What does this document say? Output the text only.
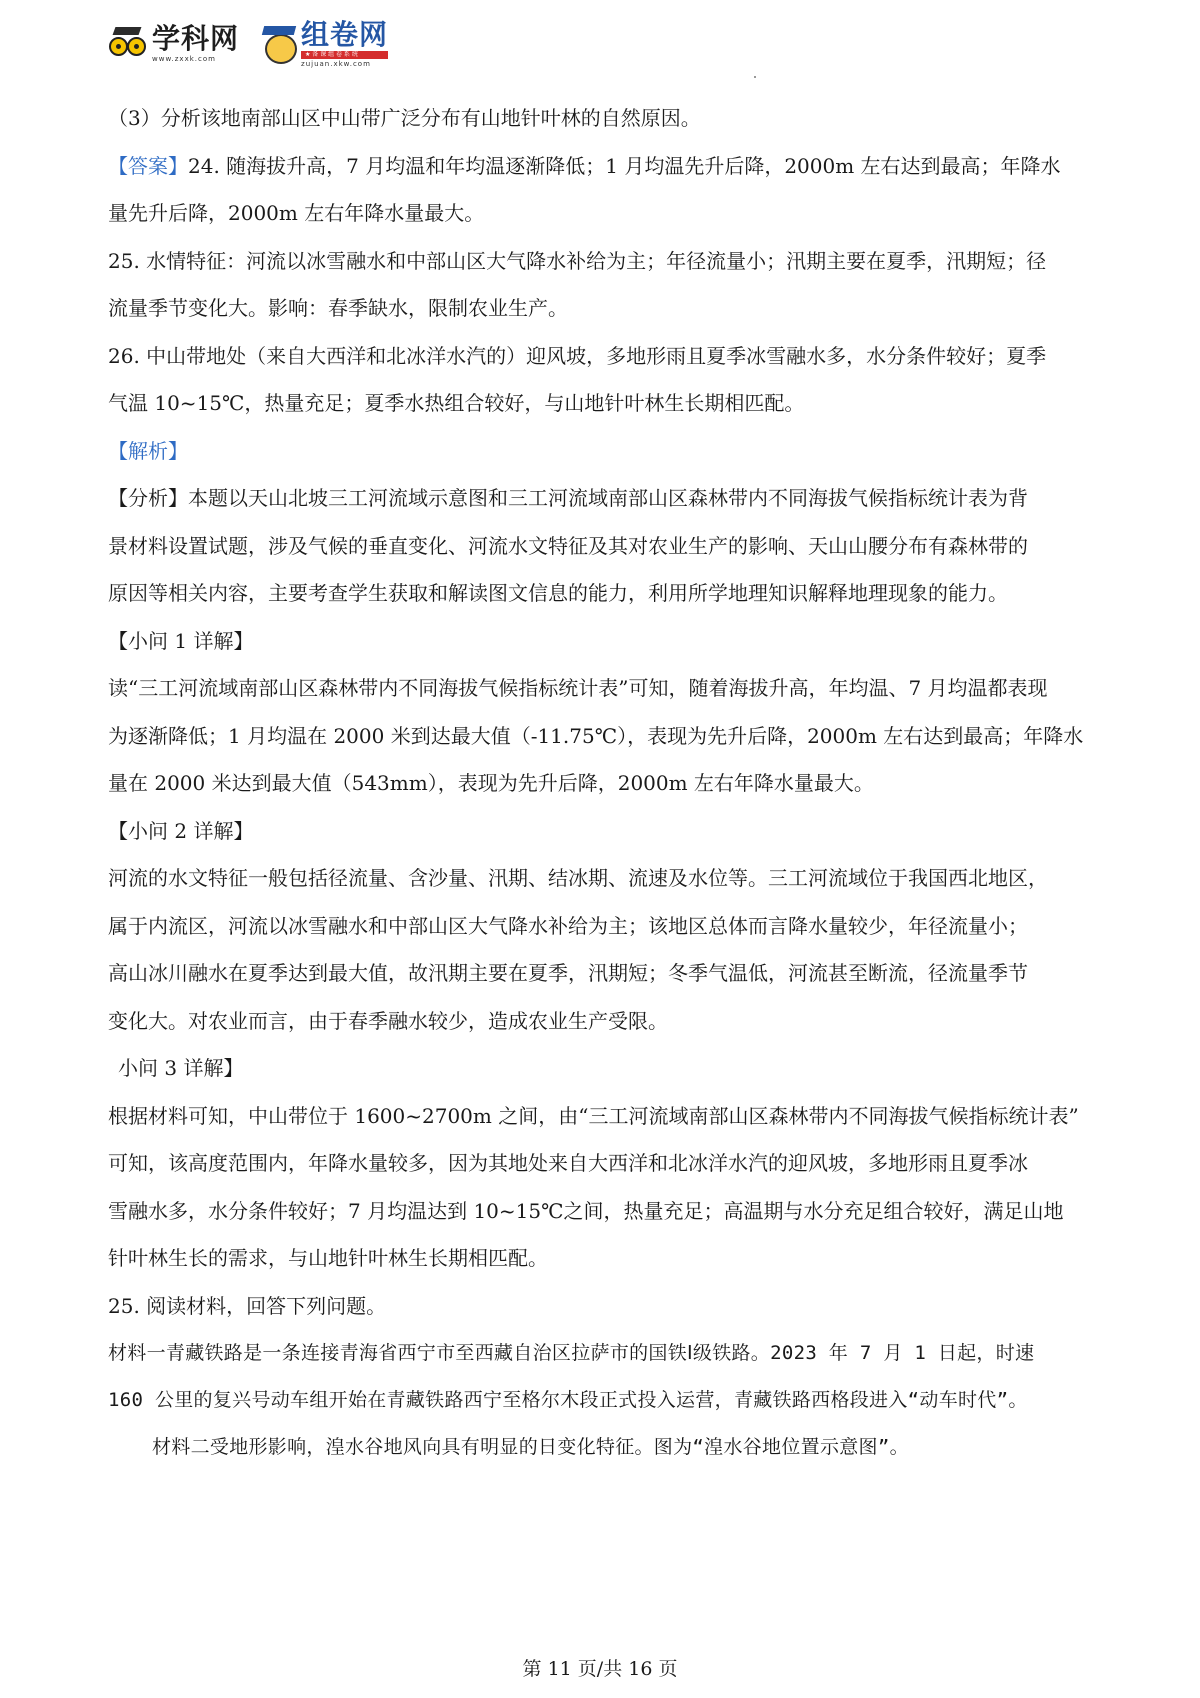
学科网
www.zxxk.com
组卷网
★ 备 课 组 卷 系 统
zujuan.xkw.com

（3）分析该地南部山区中山带广泛分布有山地针叶林的自然原因。

【答案】24. 随海拔升高，7 月均温和年均温逐渐降低；1 月均温先升后降，2000m 左右达到最高；年降水

量先升后降，2000m 左右年降水量最大。

25. 水情特征：河流以冰雪融水和中部山区大气降水补给为主；年径流量小；汛期主要在夏季，汛期短；径

流量季节变化大。影响：春季缺水，限制农业生产。

26. 中山带地处（来自大西洋和北冰洋水汽的）迎风坡，多地形雨且夏季冰雪融水多，水分条件较好；夏季

气温 10~15℃，热量充足；夏季水热组合较好，与山地针叶林生长期相匹配。

【解析】

【分析】本题以天山北坡三工河流域示意图和三工河流域南部山区森林带内不同海拔气候指标统计表为背

景材料设置试题，涉及气候的垂直变化、河流水文特征及其对农业生产的影响、天山山腰分布有森林带的

原因等相关内容，主要考查学生获取和解读图文信息的能力，利用所学地理知识解释地理现象的能力。

【小问 1 详解】

读“三工河流域南部山区森林带内不同海拔气候指标统计表”可知，随着海拔升高，年均温、7 月均温都表现

为逐渐降低；1 月均温在 2000 米到达最大值（-11.75℃），表现为先升后降，2000m 左右达到最高；年降水

量在 2000 米达到最大值（543mm），表现为先升后降，2000m 左右年降水量最大。

【小问 2 详解】

河流的水文特征一般包括径流量、含沙量、汛期、结冰期、流速及水位等。三工河流域位于我国西北地区，

属于内流区，河流以冰雪融水和中部山区大气降水补给为主；该地区总体而言降水量较少，年径流量小；

高山冰川融水在夏季达到最大值，故汛期主要在夏季，汛期短；冬季气温低，河流甚至断流，径流量季节

变化大。对农业而言，由于春季融水较少，造成农业生产受限。

小问 3 详解】

根据材料可知，中山带位于 1600~2700m 之间，由“三工河流域南部山区森林带内不同海拔气候指标统计表”

可知，该高度范围内，年降水量较多，因为其地处来自大西洋和北冰洋水汽的迎风坡，多地形雨且夏季冰

雪融水多，水分条件较好；7 月均温达到 10~15℃之间，热量充足；高温期与水分充足组合较好，满足山地

针叶林生长的需求，与山地针叶林生长期相匹配。

25. 阅读材料，回答下列问题。

材料一青藏铁路是一条连接青海省西宁市至西藏自治区拉萨市的国铁Ⅰ级铁路。2023 年 7 月 1 日起，时速

160 公里的复兴号动车组开始在青藏铁路西宁至格尔木段正式投入运营，青藏铁路西格段进入“动车时代”。

材料二受地形影响，湟水谷地风向具有明显的日变化特征。图为“湟水谷地位置示意图”。

第 11 页/共 16 页
